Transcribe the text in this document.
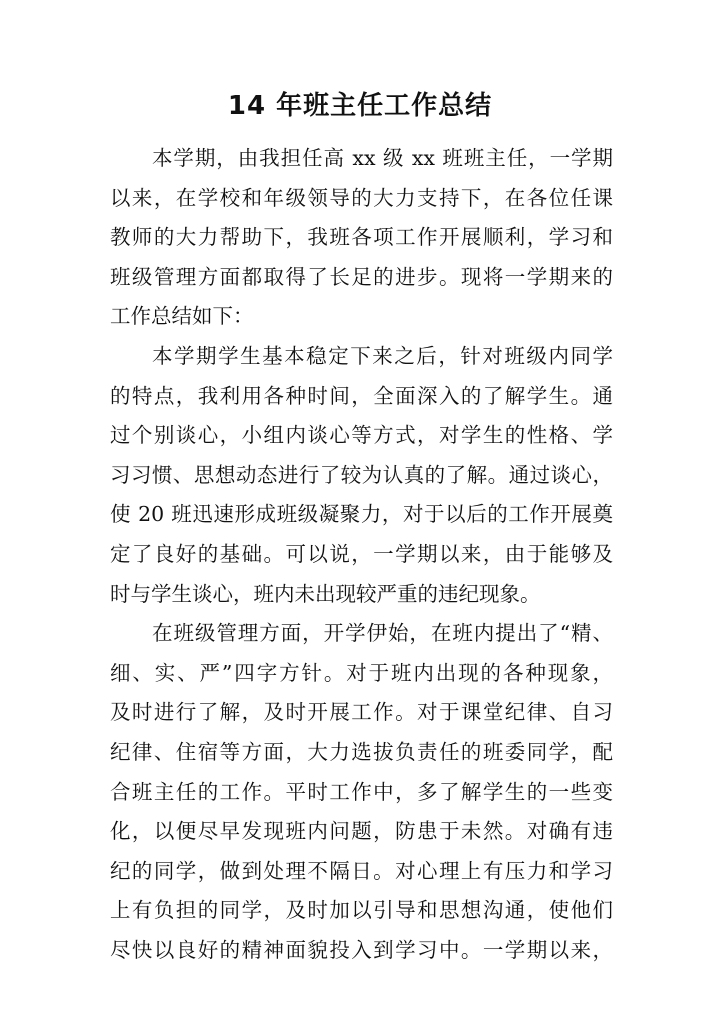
14 年班主任工作总结
本学期，由我担任高 xx 级 xx 班班主任，一学期
以来，在学校和年级领导的大力支持下，在各位任课
教师的大力帮助下，我班各项工作开展顺利，学习和
班级管理方面都取得了长足的进步。现将一学期来的
工作总结如下：
本学期学生基本稳定下来之后，针对班级内同学
的特点，我利用各种时间，全面深入的了解学生。通
过个别谈心，小组内谈心等方式，对学生的性格、学
习习惯、思想动态进行了较为认真的了解。通过谈心，
使 20 班迅速形成班级凝聚力，对于以后的工作开展奠
定了良好的基础。可以说，一学期以来，由于能够及
时与学生谈心，班内未出现较严重的违纪现象。
在班级管理方面，开学伊始，在班内提出了“精、
细、实、严”四字方针。对于班内出现的各种现象，
及时进行了解，及时开展工作。对于课堂纪律、自习
纪律、住宿等方面，大力选拔负责任的班委同学，配
合班主任的工作。平时工作中，多了解学生的一些变
化，以便尽早发现班内问题，防患于未然。对确有违
纪的同学，做到处理不隔日。对心理上有压力和学习
上有负担的同学，及时加以引导和思想沟通，使他们
尽快以良好的精神面貌投入到学习中。一学期以来，
